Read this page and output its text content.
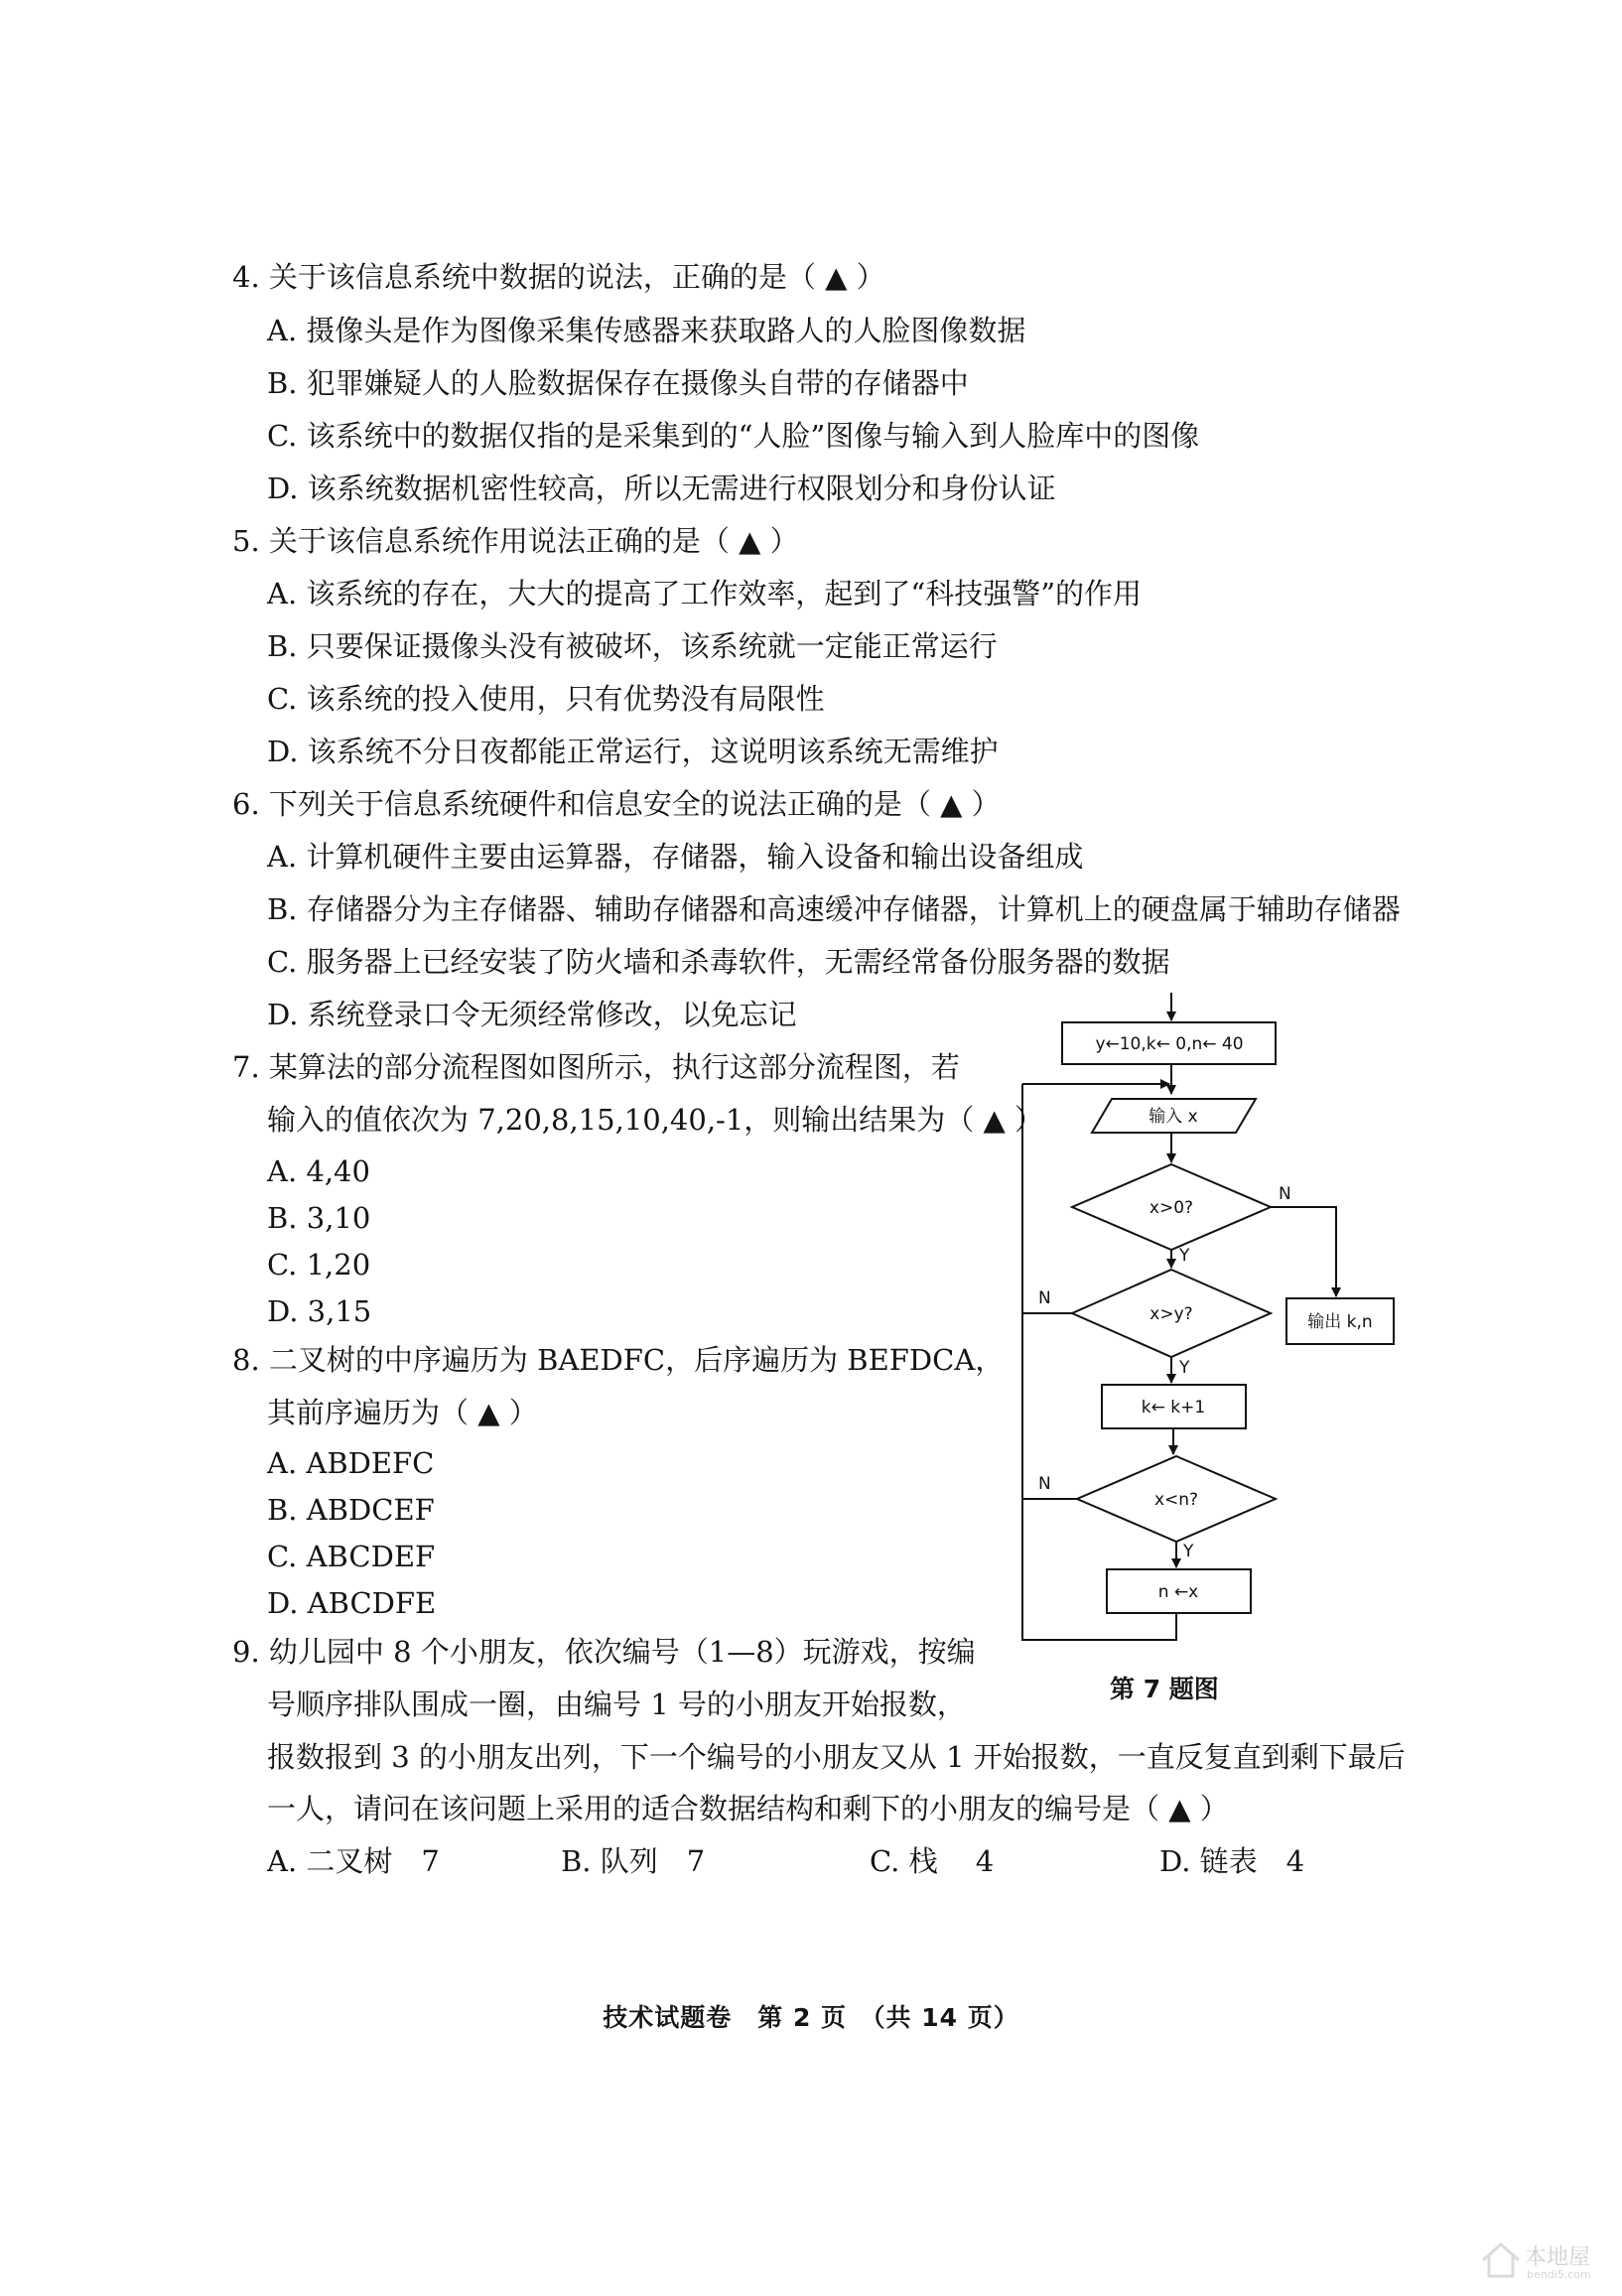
4. 关于该信息系统中数据的说法，正确的是（ ▲ ）
A. 摄像头是作为图像采集传感器来获取路人的人脸图像数据
B. 犯罪嫌疑人的人脸数据保存在摄像头自带的存储器中
C. 该系统中的数据仅指的是采集到的“人脸”图像与输入到人脸库中的图像
D. 该系统数据机密性较高，所以无需进行权限划分和身份认证
5. 关于该信息系统作用说法正确的是（ ▲ ）
A. 该系统的存在，大大的提高了工作效率，起到了“科技强警”的作用
B. 只要保证摄像头没有被破坏，该系统就一定能正常运行
C. 该系统的投入使用，只有优势没有局限性
D. 该系统不分日夜都能正常运行，这说明该系统无需维护
6. 下列关于信息系统硬件和信息安全的说法正确的是（ ▲ ）
A. 计算机硬件主要由运算器，存储器，输入设备和输出设备组成
B. 存储器分为主存储器、辅助存储器和高速缓冲存储器，计算机上的硬盘属于辅助存储器
C. 服务器上已经安装了防火墙和杀毒软件，无需经常备份服务器的数据
D. 系统登录口令无须经常修改，以免忘记
7. 某算法的部分流程图如图所示，执行这部分流程图，若
输入的值依次为 7,20,8,15,10,40,-1，则输出结果为（ ▲ ）
A. 4,40
B. 3,10
C. 1,20
D. 3,15
8. 二叉树的中序遍历为 BAEDFC，后序遍历为 BEFDCA，
其前序遍历为（ ▲ ）
A. ABDEFC
B. ABDCEF
C. ABCDEF
D. ABCDFE
9. 幼儿园中 8 个小朋友，依次编号（1—8）玩游戏，按编
号顺序排队围成一圈，由编号 1 号的小朋友开始报数，
报数报到 3 的小朋友出列，下一个编号的小朋友又从 1 开始报数，一直反复直到剩下最后
一人，请问在该问题上采用的适合数据结构和剩下的小朋友的编号是（ ▲ ）
A. 二叉树　7	B. 队列　7	C. 栈　 4	D. 链表　4
y←10,k← 0,n← 40
输入 x
x>0?
x>y?
k← k+1
x<n?
n ←x
输出 k,n
N
Y
N
Y
N
Y
第 7 题图
技术试题卷　第 2 页　（共 14 页）
本地屋
bendi5.com
